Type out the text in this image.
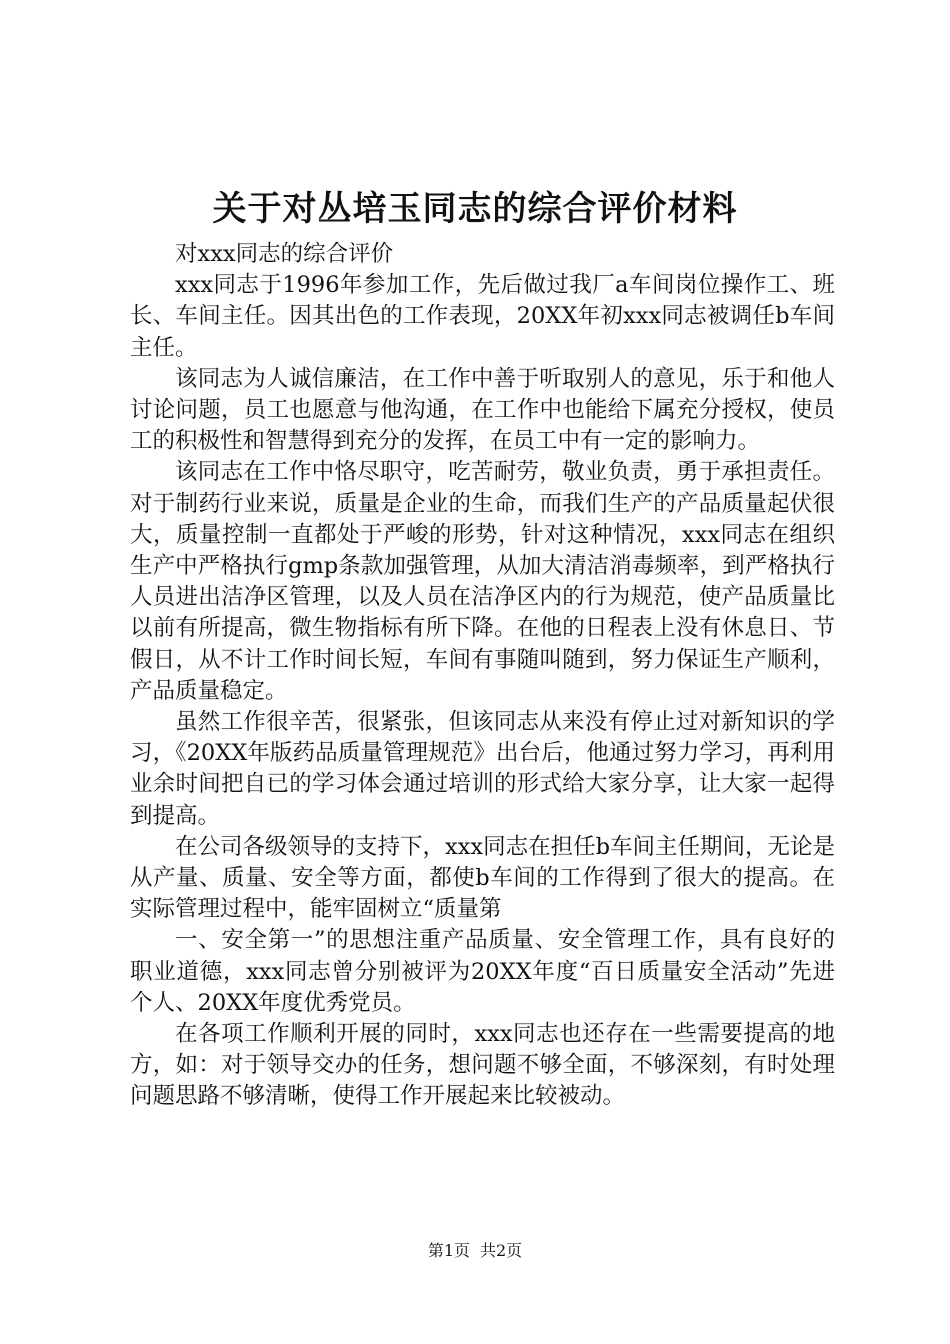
关于对丛培玉同志的综合评价材料

对xxx同志的综合评价

xxx同志于1996年参加工作，先后做过我厂a车间岗位操作工、班长、车间主任。因其出色的工作表现，20XX年初xxx同志被调任b车间主任。

该同志为人诚信廉洁，在工作中善于听取别人的意见，乐于和他人讨论问题，员工也愿意与他沟通，在工作中也能给下属充分授权，使员工的积极性和智慧得到充分的发挥，在员工中有一定的影响力。

该同志在工作中恪尽职守，吃苦耐劳，敬业负责，勇于承担责任。对于制药行业来说，质量是企业的生命，而我们生产的产品质量起伏很大，质量控制一直都处于严峻的形势，针对这种情况，xxx同志在组织生产中严格执行gmp条款加强管理，从加大清洁消毒频率，到严格执行人员进出洁净区管理，以及人员在洁净区内的行为规范，使产品质量比以前有所提高，微生物指标有所下降。在他的日程表上没有休息日、节假日，从不计工作时间长短，车间有事随叫随到，努力保证生产顺利，产品质量稳定。

虽然工作很辛苦，很紧张，但该同志从来没有停止过对新知识的学习，《20XX年版药品质量管理规范》出台后，他通过努力学习，再利用业余时间把自已的学习体会通过培训的形式给大家分享，让大家一起得到提高。

在公司各级领导的支持下，xxx同志在担任b车间主任期间，无论是从产量、质量、安全等方面，都使b车间的工作得到了很大的提高。在实际管理过程中，能牢固树立“质量第

一、安全第一”的思想注重产品质量、安全管理工作，具有良好的职业道德，xxx同志曾分别被评为20XX年度“百日质量安全活动”先进个人、20XX年度优秀党员。

在各项工作顺利开展的同时，xxx同志也还存在一些需要提高的地方，如：对于领导交办的任务，想问题不够全面，不够深刻，有时处理问题思路不够清晰，使得工作开展起来比较被动。

第1页 共2页
